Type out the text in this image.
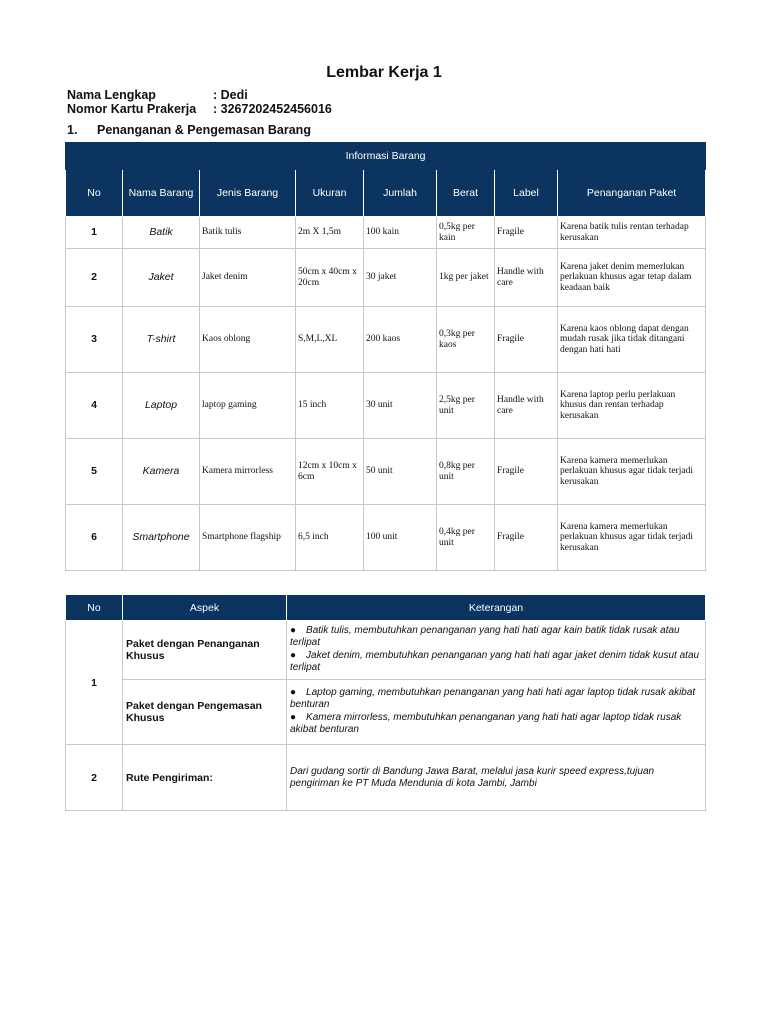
Lembar Kerja 1
Nama Lengkap	: Dedi
Nomor Kartu Prakerja	: 3267202452456016
1.	Penanganan & Pengemasan Barang
Informasi Barang							
No	Nama Barang	Jenis Barang	Ukuran	Jumlah	Berat	Label	Penanganan Paket
1	Batik	Batik tulis	2m X 1,5m	100 kain	0,5kg per kain	Fragile	Karena batik tulis rentan terhadap kerusakan
2	Jaket	Jaket denim	50cm x 40cm x 20cm	30 jaket	1kg per jaket	Handle with care	Karena jaket denim memerlukan perlakuan khusus agar tetap dalam keadaan baik
3	T-shirt	Kaos oblong	S,M,L,XL	200 kaos	0,3kg per kaos	Fragile	Karena kaos oblong dapat dengan mudah rusak jika tidak ditangani dengan hati hati
4	Laptop	laptop gaming	15 inch	30 unit	2,5kg per unit	Handle with care	Karena laptop perlu perlakuan khusus dan rentan terhadap kerusakan
5	Kamera	Kamera mirrorless	12cm x 10cm x 6cm	50 unit	0,8kg per unit	Fragile	Karena kamera memerlukan perlakuan khusus agar tidak terjadi kerusakan
6	Smartphone	Smartphone flagship	6,5 inch	100 unit	0,4kg per unit	Fragile	Karena kamera memerlukan perlakuan khusus agar tidak terjadi kerusakan
No	Aspek	Keterangan
1	Paket dengan Penanganan Khusus	● Batik tulis, membutuhkan penanganan yang hati hati agar kain batik tidak rusak atau terlipat
● Jaket denim, membutuhkan penanganan yang hati hati agar jaket denim tidak kusut atau terlipat

	Paket dengan Pengemasan Khusus	● Laptop gaming, membutuhkan penanganan yang hati hati agar laptop tidak rusak akibat benturan
● Kamera mirrorless, membutuhkan penanganan yang hati hati agar laptop tidak rusak akibat benturan

2	Rute Pengiriman:	Dari gudang sortir di Bandung Jawa Barat, melalui jasa kurir speed express,tujuan pengiriman ke PT Muda Mendunia di kota Jambi, Jambi
